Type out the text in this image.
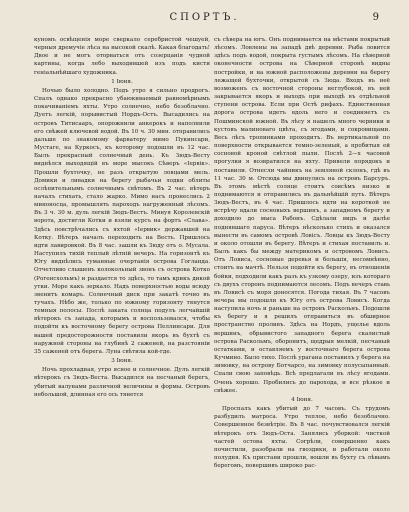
СПОРТЪ.	9

куномъ освѣщенія море сверкало серебристой чешуей, черныя дремучіе лѣса на высокой скалѣ. Какая благодать! Двое и не могъ оторваться отъ созерцанія чудной картины, когда лебо выходившей изъ подъ кисти геніальнѣйшаго художника.

1 Іюня.

Ночью было холодно. Подъ утро я сильно продрогъ. Спалъ однако прекрасно убаюкиваемый равномѣрнымъ покачиваніемъ яхты. Утро солнечно, небо безоблачно. Дуетъ легкій, порывистый Нордъ-Остъ. Высадились на островъ Титисааръ, опорожнили анкерокъ и наполнили его свѣжей ключевой водой. Въ 10 ч. 30 мин. отправились дальше по знакомому фарватеру мимо Пукинсари, Мустаге, на Куркосъ, къ которому подошли въ 12 час. Былъ прекрасный солнечный день. Къ Зюдъ-Весту виднѣлся выходящій въ море мысокъ Сѣверъ «Іервік». Прошли бухточку, не разъ открытую ловцами мель. Домики и ливадки на берегу рыбачьи лодки облиты ослѣпительнымъ солнечнымъ свѣтомъ. Въ 2 час. вѣтеръ началъ стихать, стало жарко. Мимо насъ пронеслись 2 миноносца, промышлять пароходъ нагруженный лѣсомъ. Въ 3 ч. 30 м. дуль легкій Зюдъ-Вестъ. Минуя Королевскій ворота, достигли Котки и взяли курсъ на фортъ «Слава». Здѣсь повстрѣчались съ яхтой «Іервик» державшей на Котку. Вѣтеръ началъ переходить на Весть. Пришлось идти лавировкой. Въ 8 час. зашли къ Зюду отъ о. Мусала. Наступилъ тихій теплый лѣтній вечеръ. На горизонтѣ къ Югу виднѣлись туманные очертанія острова Гогланда. Отчетливо слышенъ колокольный звонъ съ острова Котко (Рогенсхольмъ) и раздается то здѣсь, то тамъ крикъ дикой утки. Море какъ зеркало. Надъ поверхностью воды всюду звенитъ комаръ. Солнечный диск при закатѣ точно въ тучахъ. Нѣбо же, только по южному горизонту тянутся темныя полосы. Послѣ заката солнца подулъ легчайшій вѣтерокъ съ запада, которымъ и воспользовался, чтобы подойти къ восточному берегу острова Пеллинсари. Для вашей предосторожности поставили якорь въ бухтѣ съ наружной стороны на глубинѣ 2 саженей, на разстояніи 35 саженей отъ берега. Луна свѣтила кой-где.

3 Іюня.

Ночь прохладная, утро ясное и солнечное. Дулъ легкій вѣтерокъ съ Зюдъ-Веста. Высадился на песчаный берегъ, убитый валунами различной величины и формы. Островъ небольшой, длинная его ось тянется

съ сѣвера на югъ. Онъ поднимается на мѣстами покрытый лѣсомъ. Ловлены на западѣ двѣ деревни. Рыба ловится здѣсь подъ водой, покрыта густымъ лѣсомъ. На сѣверной оконечности острова на Сѣверной сторонѣ видны постройки, и на южной расположены деревни на берегу лежащей бухточки, открытой съ Зюда. Входъ въ неё возможенъ съ восточной стороны неглубокой, въ ней закрывается якорь и выходъ при выходѣ въ отдѣльной ступени острова. Если при Остѣ рифахъ. Единственная дорога острова идетъ вдоль него и соединяетъ съ Пошминской южной. Въ лѣсу я нашелъ много черники и кустовъ малиноваго цвѣта, съ ягодами, и сокровищами. Весь лѣсъ тропинками проходитъ. Въ вертикальной по поверхности открывается темно-зеленый, а пробитыя ей сосновой кроной свѣтлой пыли. Послѣ 2—х часовой прогулки я возвратился на яхту. Привели порядокъ и поставили. Отнесли чайникъ на земляной склонъ, гдѣ въ 11 час. 30 м. Отсюда мы двинулись на островъ Барсуръ. Въ этомъ мѣстѣ солнце стоитъ совсѣмъ низко и поднимаются и отправились въ дальнѣйшій путь. Вѣтеръ Зюдъ-Вестъ, въ 4 час. Пришлось идти на короткой не встрѣчу вдали сосновыхъ вершинъ, а западномъ берегу и доходило до мыса Рабонъ. Сдѣлали видъ и далѣе поднявшаго паруса. Вѣтеръ нѣсколько стихъ и оказался вынести въ самомъ островѣ Ловісъ. Ловцы къ Зюдъ-Весту и около отошли въ берегу. Вѣтеръ и стихая поставилъ и. Былъ какъ бы между материкомъ и островомъ Ловисъ. Отъ Ловиса, сосновые деревья и большія, несомнѣнно, стоитъ на мачтѣ. Нельзя подойти къ берегу, въ отношеніи бойки, подходили какъ разъ къ узкому озеру, изъ котораго съ двухъ сторонъ поднимаются лесомъ. Подъ вечеръ ставь въ Ловисѣ съ моря доносятся. Погода тихая. Въ 7 часовъ вечера мы подошли къ Югу отъ острова Ловисъ. Когда наступила ночь и раньше на островъ Раскольнъ. Подошли къ берегу и я решилъ отправиться въ обширное пространство проливъ. Здѣсь на Нордъ, ущелье вдоль вершинъ, обрывистого западного берега скалистый острова Раскольмъ, оборонитъ, щедрыя мелкій, песчаный остатками, и оставляемъ у восточнаго берега острова Кучмино. Было тихо. Послѣ урагана поставилъ у берега на зимовку, на острову Ботчарсо, на зимовку полусыпанный. Спали свою заповѣдь. Всѣ предлагали въ лѣсу ягодами. Очень хорошо. Пробились до парохода, и все рѣзкое и свѣжее.

4 Іюня.

Проспалъ какъ убитый до 7 часовъ. Съ трудомъ разбудилъ матроса. Утро теплое, небо безоблачно. Совершенное безвѣтріе. Въ 8 час. почувствовался легкій вѣтерокъ отъ Зюдъ-Оста. Занялись уборкой: чисткой частей остова яхты. Согрѣли, совершенно какъ почистили, разобрали на гвоздики, и работали около полудня. Къ пристани прошли, вошли въ бухту съ лѣвымъ берегомъ, повершивъ широко рас-
